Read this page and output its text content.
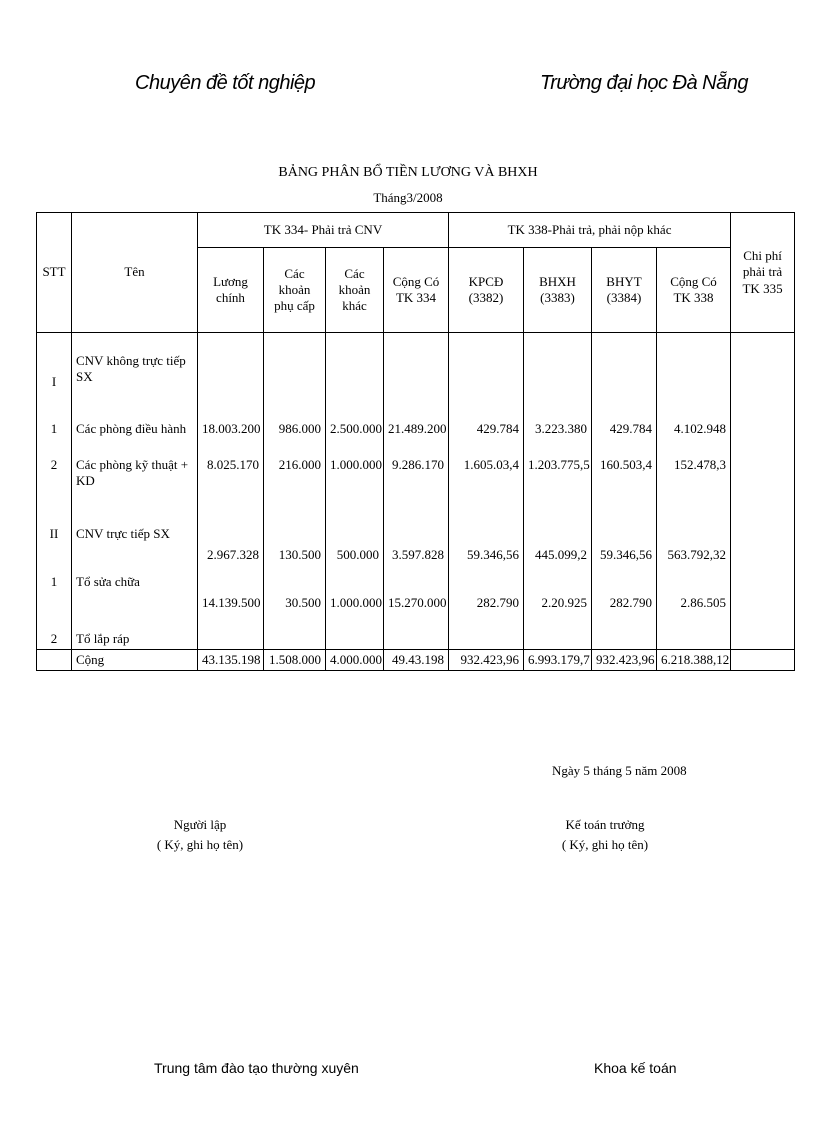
Chuyên đề tốt nghiệp	Trường đại học Đà Nẵng
BẢNG PHÂN BỔ TIỀN LƯƠNG VÀ BHXH
Tháng3/2008
STT	Tên	TK 334- Phải trả CNV				TK 338-Phải trả, phải nộp khác				Chi phí phải trả TK 335
		Lương chính	Các khoản phụ cấp	Các khoản khác	Cộng Có TK 334	KPCĐ (3382)	BHXH (3383)	BHYT (3384)	Cộng Có TK 338	
I	CNV không trực tiếp SX									
1	Các phòng điều hành	18.003.200	986.000	2.500.000	21.489.200	429.784	3.223.380	429.784	4.102.948	
2	Các phòng kỹ thuật + KD	8.025.170	216.000	1.000.000	9.286.170	1.605.03,4	1.203.775,5	160.503,4	152.478,3	
II	CNV trực tiếp SX									
1	Tổ sửa chữa	2.967.328	130.500	500.000	3.597.828	59.346,56	445.099,2	59.346,56	563.792,32	
2	Tổ lắp ráp	14.139.500	30.500	1.000.000	15.270.000	282.790	2.20.925	282.790	2.86.505	
	Cộng	43.135.198	1.508.000	4.000.000	49.43.198	932.423,96	6.993.179,7	932.423,96	6.218.388,12	
Ngày 5 tháng 5 năm 2008
Người lập
( Ký, ghi họ tên)
Kế toán trưởng
( Ký, ghi họ tên)
Trung tâm đào tạo thường xuyên	Khoa kế toán
